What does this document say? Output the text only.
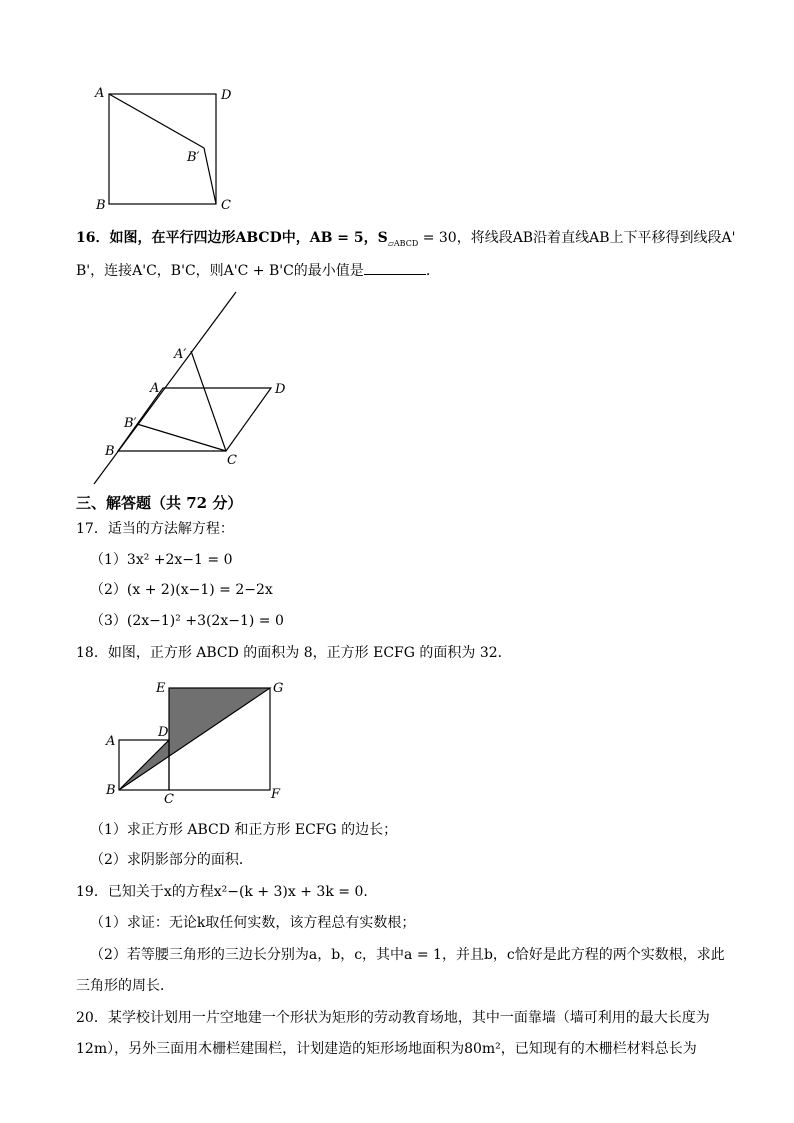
A	D
B′
B	C
16．如图，在平行四边形ABCD中，AB = 5，$S_{▱ABCD} = 30$，将线段AB沿着直线AB上下平移得到线段A'
B'，连接A'C，B'C，则A'C + B'C的最小值是	．
A′
A	D
B′
B
C
三、解答题（共 72 分）
17．适当的方法解方程：
（1）3x² +2x−1 = 0
（2）(x + 2)(x−1) = 2−2x
（3）(2x−1)² +3(2x−1) = 0
18．如图，正方形 ABCD 的面积为 8，正方形 ECFG 的面积为 32．
E	G
A
D
B
C	F
（1）求正方形 ABCD 和正方形 ECFG 的边长；
（2）求阴影部分的面积．
19．已知关于x的方程x²−(k + 3)x + 3k = 0.
（1）求证：无论k取任何实数，该方程总有实数根；
（2）若等腰三角形的三边长分别为a，b，c，其中a = 1，并且b，c恰好是此方程的两个实数根，求此
三角形的周长．
20．某学校计划用一片空地建一个形状为矩形的劳动教育场地，其中一面靠墙（墙可利用的最大长度为
12m），另外三面用木栅栏建围栏，计划建造的矩形场地面积为80m²，已知现有的木栅栏材料总长为
